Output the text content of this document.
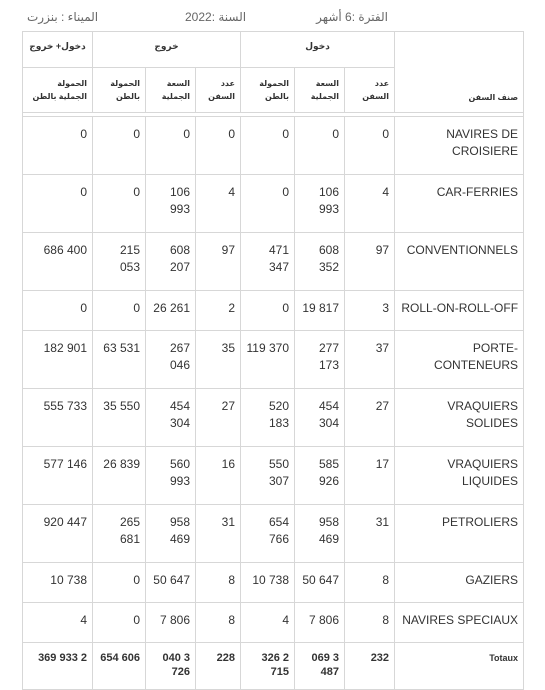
الفترة :6 أشهر
السنة :2022
الميناء : بنزرت
دخول+ خروج	خروج			دخول			صنف السفن
الحمولة الجملية بالطن	الحمولة بالطن	السعة الجملية	عدد السفن	الحمولة بالطن	السعة الجملية	عدد السفن	

0	0	0	0	0	0	0	NAVIRES DE CROISIERE
0	0	106 993	4	0	106 993	4	CAR-FERRIES
686 400	215 053	608 207	97	471 347	608 352	97	CONVENTIONNELS
0	0	26 261	2	0	19 817	3	ROLL-ON-ROLL-OFF
182 901	63 531	267 046	35	119 370	277 173	37	PORTE-CONTENEURS
555 733	35 550	454 304	27	520 183	454 304	27	VRAQUIERS SOLIDES
577 146	26 839	560 993	16	550 307	585 926	17	VRAQUIERS LIQUIDES
920 447	265 681	958 469	31	654 766	958 469	31	PETROLIERS
10 738	0	50 647	8	10 738	50 647	8	GAZIERS
4	0	7 806	8	4	7 806	8	NAVIRES SPECIAUX
369 933 2	654 606	040 3 726	228	326 2 715	069 3 487	232	Totaux
